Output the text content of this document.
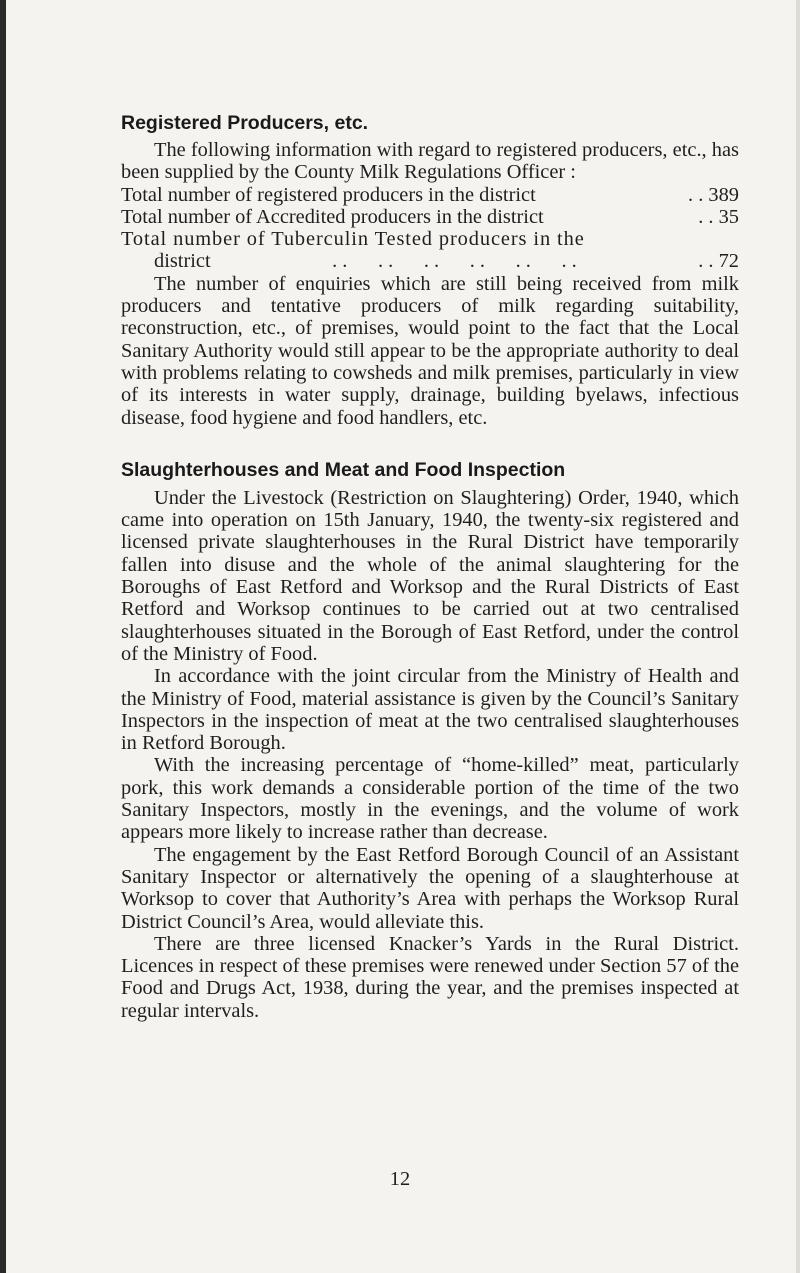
Registered Producers, etc.

The following information with regard to registered producers, etc., has been supplied by the County Milk Regulations Officer :

Total number of registered producers in the district	. . 389
Total number of Accredited producers in the district	. . 35
Total number of Tuberculin Tested producers in the
district	. .      . .      . .      . .      . .      . .	. . 72

The number of enquiries which are still being received from milk producers and tentative producers of milk regarding suitability, reconstruction, etc., of premises, would point to the fact that the Local Sanitary Authority would still appear to be the appropriate authority to deal with problems relating to cowsheds and milk premises, particularly in view of its interests in water supply, drainage, building byelaws, infectious disease, food hygiene and food handlers, etc.

Slaughterhouses and Meat and Food Inspection

Under the Livestock (Restriction on Slaughtering) Order, 1940, which came into operation on 15th January, 1940, the twenty-six registered and licensed private slaughterhouses in the Rural District have temporarily fallen into disuse and the whole of the animal slaughtering for the Boroughs of East Retford and Worksop and the Rural Districts of East Retford and Worksop continues to be carried out at two centralised slaughterhouses situated in the Borough of East Retford, under the control of the Ministry of Food.

In accordance with the joint circular from the Ministry of Health and the Ministry of Food, material assistance is given by the Council’s Sanitary Inspectors in the inspection of meat at the two centralised slaughterhouses in Retford Borough.

With the increasing percentage of “home-killed” meat, particularly pork, this work demands a considerable portion of the time of the two Sanitary Inspectors, mostly in the evenings, and the volume of work appears more likely to increase rather than decrease.

The engagement by the East Retford Borough Council of an Assistant Sanitary Inspector or alternatively the opening of a slaughterhouse at Worksop to cover that Authority’s Area with perhaps the Worksop Rural District Council’s Area, would alleviate this.

There are three licensed Knacker’s Yards in the Rural District. Licences in respect of these premises were renewed under Section 57 of the Food and Drugs Act, 1938, during the year, and the premises inspected at regular intervals.

12
